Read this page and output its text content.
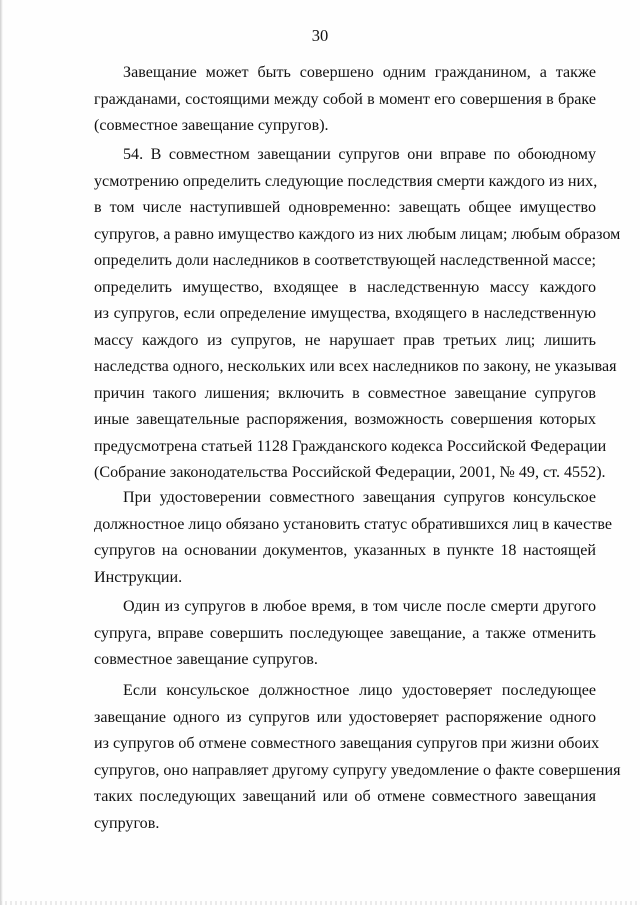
30
Завещание может быть совершено одним гражданином, а также
гражданами, состоящими между собой в момент его совершения в браке
(совместное завещание супругов).
54. В совместном завещании супругов они вправе по обоюдному
усмотрению определить следующие последствия смерти каждого из них,
в том числе наступившей одновременно: завещать общее имущество
супругов, а равно имущество каждого из них любым лицам; любым образом
определить доли наследников в соответствующей наследственной массе;
определить имущество, входящее в наследственную массу каждого
из супругов, если определение имущества, входящего в наследственную
массу каждого из супругов, не нарушает прав третьих лиц; лишить
наследства одного, нескольких или всех наследников по закону, не указывая
причин такого лишения; включить в совместное завещание супругов
иные завещательные распоряжения, возможность совершения которых
предусмотрена статьей 1128 Гражданского кодекса Российской Федерации
(Собрание законодательства Российской Федерации, 2001, № 49, ст. 4552).
При удостоверении совместного завещания супругов консульское
должностное лицо обязано установить статус обратившихся лиц в качестве
супругов на основании документов, указанных в пункте 18 настоящей
Инструкции.
Один из супругов в любое время, в том числе после смерти другого
супруга, вправе совершить последующее завещание, а также отменить
совместное завещание супругов.
Если консульское должностное лицо удостоверяет последующее
завещание одного из супругов или удостоверяет распоряжение одного
из супругов об отмене совместного завещания супругов при жизни обоих
супругов, оно направляет другому супругу уведомление о факте совершения
таких последующих завещаний или об отмене совместного завещания
супругов.
